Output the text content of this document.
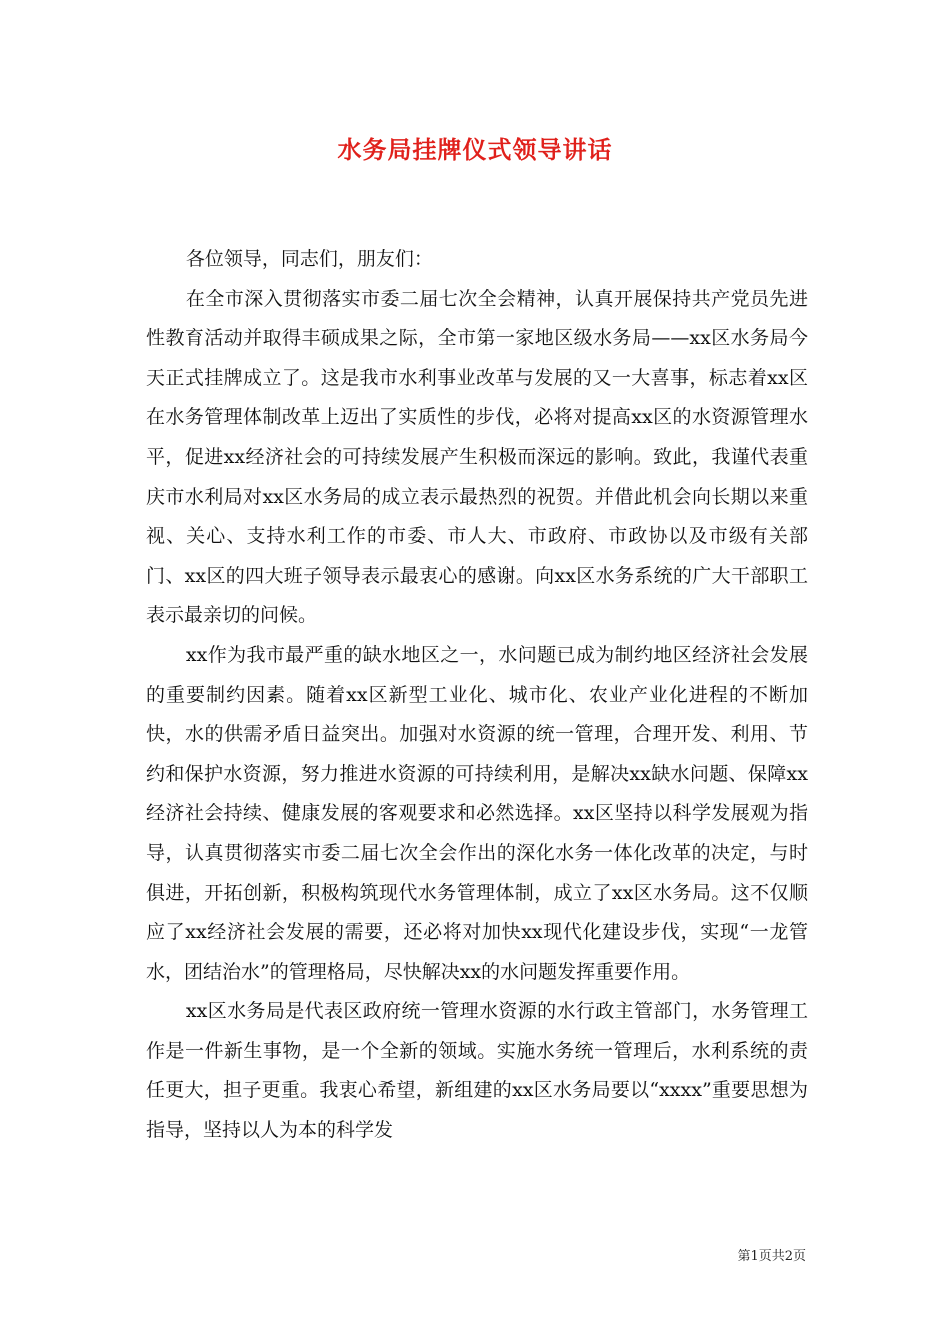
水务局挂牌仪式领导讲话

各位领导，同志们，朋友们：

在全市深入贯彻落实市委二届七次全会精神，认真开展保持共产党员先进性教育活动并取得丰硕成果之际，全市第一家地区级水务局——xx区水务局今天正式挂牌成立了。这是我市水利事业改革与发展的又一大喜事，标志着xx区在水务管理体制改革上迈出了实质性的步伐，必将对提高xx区的水资源管理水平，促进xx经济社会的可持续发展产生积极而深远的影响。致此，我谨代表重庆市水利局对xx区水务局的成立表示最热烈的祝贺。并借此机会向长期以来重视、关心、支持水利工作的市委、市人大、市政府、市政协以及市级有关部门、xx区的四大班子领导表示最衷心的感谢。向xx区水务系统的广大干部职工表示最亲切的问候。

xx作为我市最严重的缺水地区之一，水问题已成为制约地区经济社会发展的重要制约因素。随着xx区新型工业化、城市化、农业产业化进程的不断加快，水的供需矛盾日益突出。加强对水资源的统一管理，合理开发、利用、节约和保护水资源，努力推进水资源的可持续利用，是解决xx缺水问题、保障xx经济社会持续、健康发展的客观要求和必然选择。xx区坚持以科学发展观为指导，认真贯彻落实市委二届七次全会作出的深化水务一体化改革的决定，与时俱进，开拓创新，积极构筑现代水务管理体制，成立了xx区水务局。这不仅顺应了xx经济社会发展的需要，还必将对加快xx现代化建设步伐，实现“一龙管水，团结治水”的管理格局，尽快解决xx的水问题发挥重要作用。

xx区水务局是代表区政府统一管理水资源的水行政主管部门，水务管理工作是一件新生事物，是一个全新的领域。实施水务统一管理后，水利系统的责任更大，担子更重。我衷心希望，新组建的xx区水务局要以“xxxx”重要思想为指导，坚持以人为本的科学发

第1页共2页
